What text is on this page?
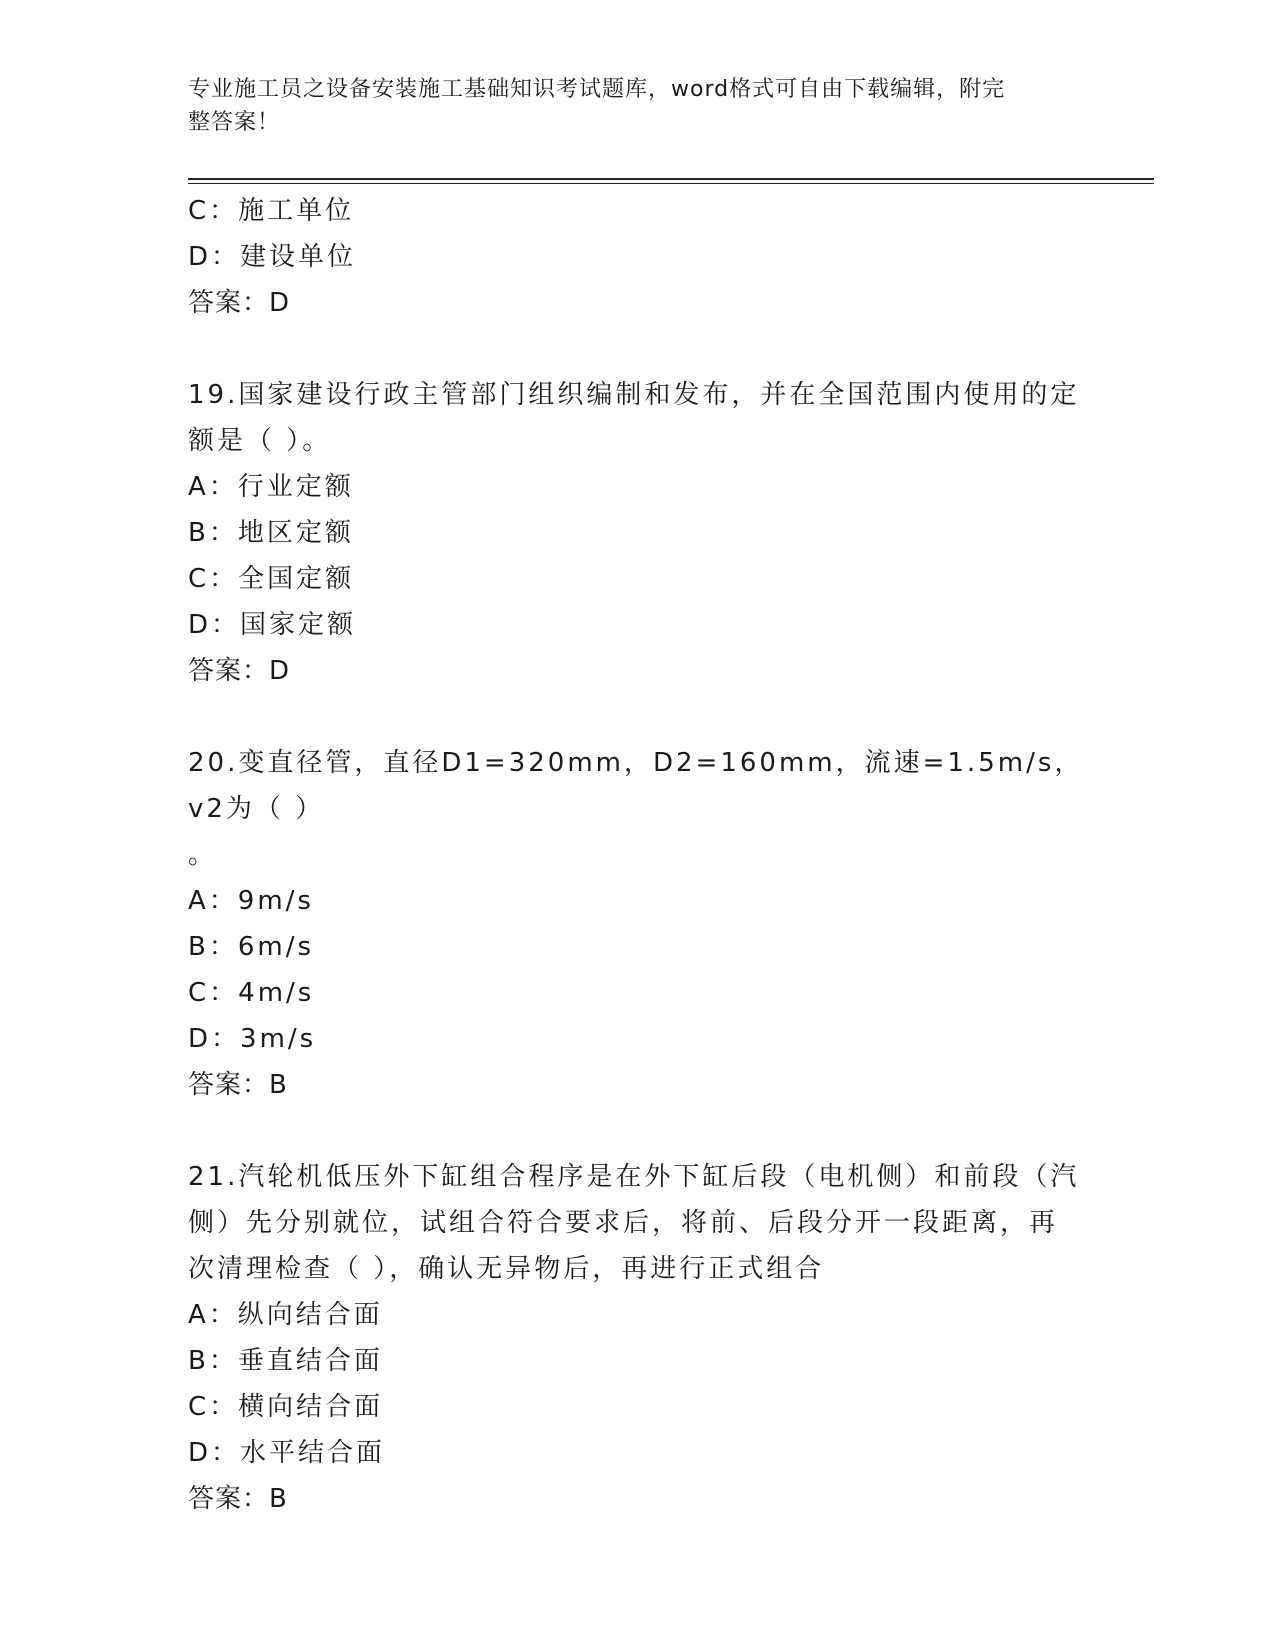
专业施工员之设备安装施工基础知识考试题库，word格式可自由下载编辑，附完
整答案！
C：施工单位
D：建设单位
答案：D
19.国家建设行政主管部门组织编制和发布，并在全国范围内使用的定
额是（ ）。
A：行业定额
B：地区定额
C：全国定额
D：国家定额
答案：D
20.变直径管，直径D1=320mm，D2=160mm，流速=1.5m/s，v2为（ ）
。
A：9m/s
B：6m/s
C：4m/s
D：3m/s
答案：B
21.汽轮机低压外下缸组合程序是在外下缸后段（电机侧）和前段（汽
侧）先分别就位，试组合符合要求后，将前、后段分开一段距离，再
次清理检查（ ），确认无异物后，再进行正式组合
A：纵向结合面
B：垂直结合面
C：横向结合面
D：水平结合面
答案：B
